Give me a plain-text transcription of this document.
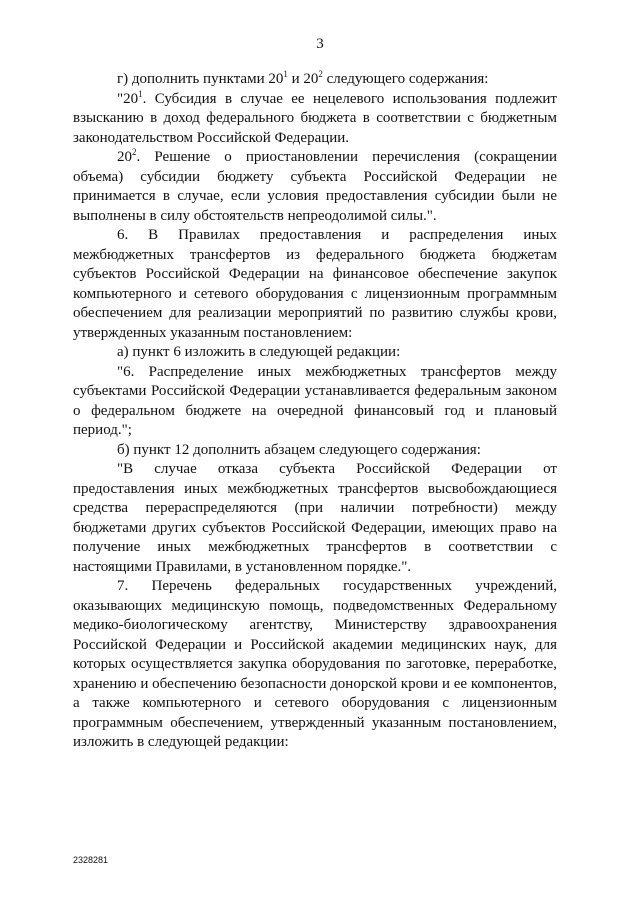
3

г) дополнить пунктами $20^1$ и $20^2$ следующего содержания:

"$20^1$. Субсидия в случае ее нецелевого использования подлежит взысканию в доход федерального бюджета в соответствии с бюджетным законодательством Российской Федерации.

$20^2$. Решение о приостановлении перечисления (сокращении объема) субсидии бюджету субъекта Российской Федерации не принимается в случае, если условия предоставления субсидии были не выполнены в силу обстоятельств непреодолимой силы.".

6. В Правилах предоставления и распределения иных межбюджетных трансфертов из федерального бюджета бюджетам субъектов Российской Федерации на финансовое обеспечение закупок компьютерного и сетевого оборудования с лицензионным программным обеспечением для реализации мероприятий по развитию службы крови, утвержденных указанным постановлением:

а) пункт 6 изложить в следующей редакции:

"6. Распределение иных межбюджетных трансфертов между субъектами Российской Федерации устанавливается федеральным законом о федеральном бюджете на очередной финансовый год и плановый период.";

б) пункт 12 дополнить абзацем следующего содержания:

"В случае отказа субъекта Российской Федерации от предоставления иных межбюджетных трансфертов высвобождающиеся средства перераспределяются (при наличии потребности) между бюджетами других субъектов Российской Федерации, имеющих право на получение иных межбюджетных трансфертов в соответствии с настоящими Правилами, в установленном порядке.".

7. Перечень федеральных государственных учреждений, оказывающих медицинскую помощь, подведомственных Федеральному медико-биологическому агентству, Министерству здравоохранения Российской Федерации и Российской академии медицинских наук, для которых осуществляется закупка оборудования по заготовке, переработке, хранению и обеспечению безопасности донорской крови и ее компонентов, а также компьютерного и сетевого оборудования с лицензионным программным обеспечением, утвержденный указанным постановлением, изложить в следующей редакции:

2328281
